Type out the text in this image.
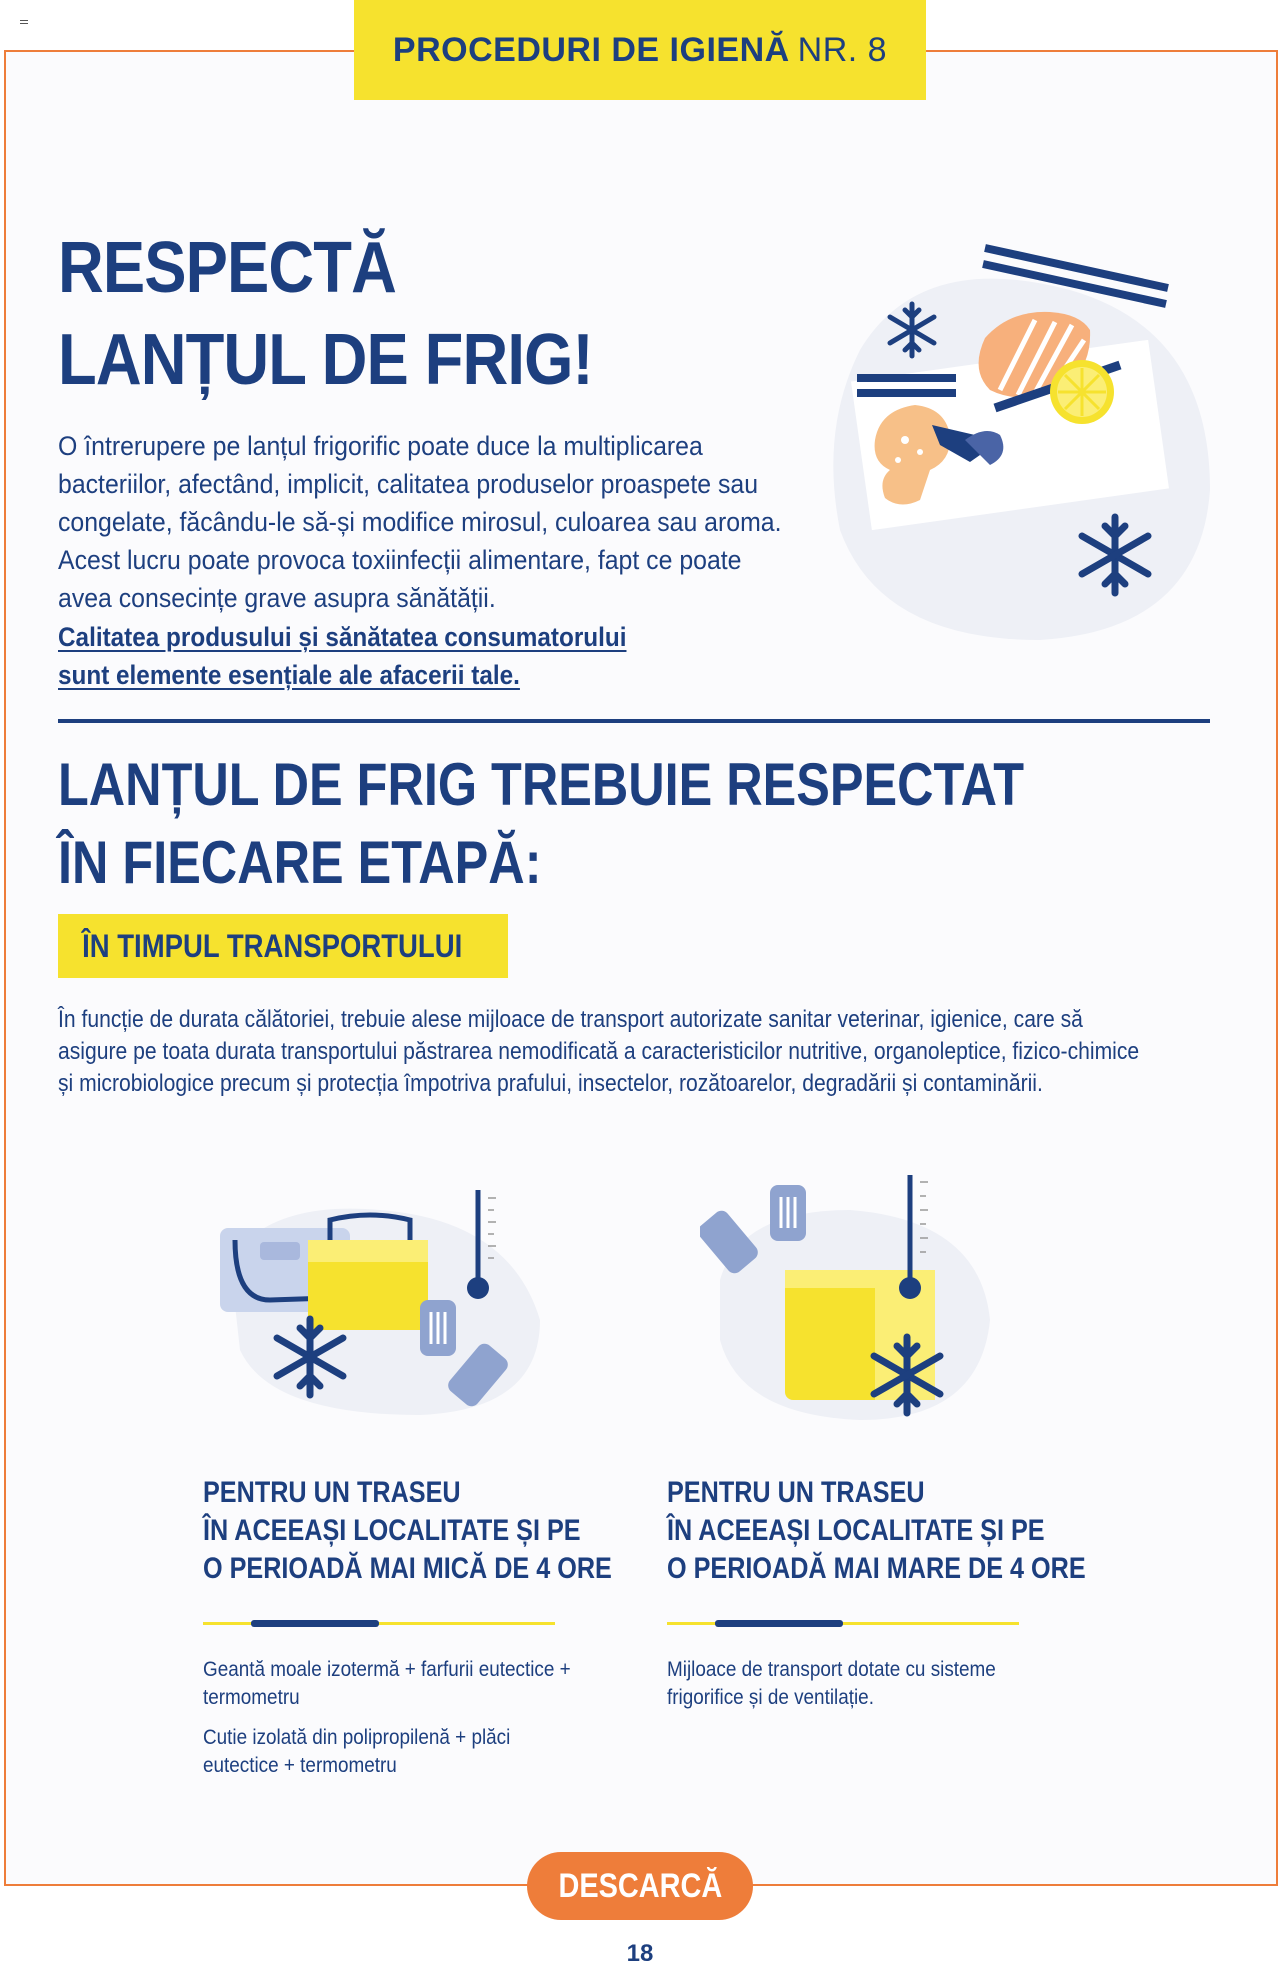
PROCEDURI DE IGIENĂ NR. 8
RESPECTĂ
LANȚUL DE FRIG!
O întrerupere pe lanțul frigorific poate duce la multiplicarea bacteriilor, afectând, implicit, calitatea produselor proaspete sau congelate, făcându-le să-și modifice mirosul, culoarea sau aroma. Acest lucru poate provoca toxiinfecții alimentare, fapt ce poate avea consecințe grave asupra sănătății.
Calitatea produsului și sănătatea consumatorului
sunt elemente esențiale ale afacerii tale.
LANȚUL DE FRIG TREBUIE RESPECTAT
ÎN FIECARE ETAPĂ:
ÎN TIMPUL TRANSPORTULUI
În funcție de durata călătoriei, trebuie alese mijloace de transport autorizate sanitar veterinar, igienice, care să asigure pe toata durata transportului păstrarea nemodificată a caracteristicilor nutritive, organoleptice, fizico-chimice și microbiologice precum și protecția împotriva prafului, insectelor, rozătoarelor, degradării și contaminării.
PENTRU UN TRASEU
ÎN ACEEAȘI LOCALITATE ȘI PE
O PERIOADĂ MAI MICĂ DE 4 ORE

Geantă moale izotermă + farfurii eutectice + termometru

Cutie izolată din polipropilenă + plăci eutectice + termometru

PENTRU UN TRASEU
ÎN ACEEAȘI LOCALITATE ȘI PE
O PERIOADĂ MAI MARE DE 4 ORE

Mijloace de transport dotate cu sisteme frigorifice și de ventilație.

DESCARCĂ
18
